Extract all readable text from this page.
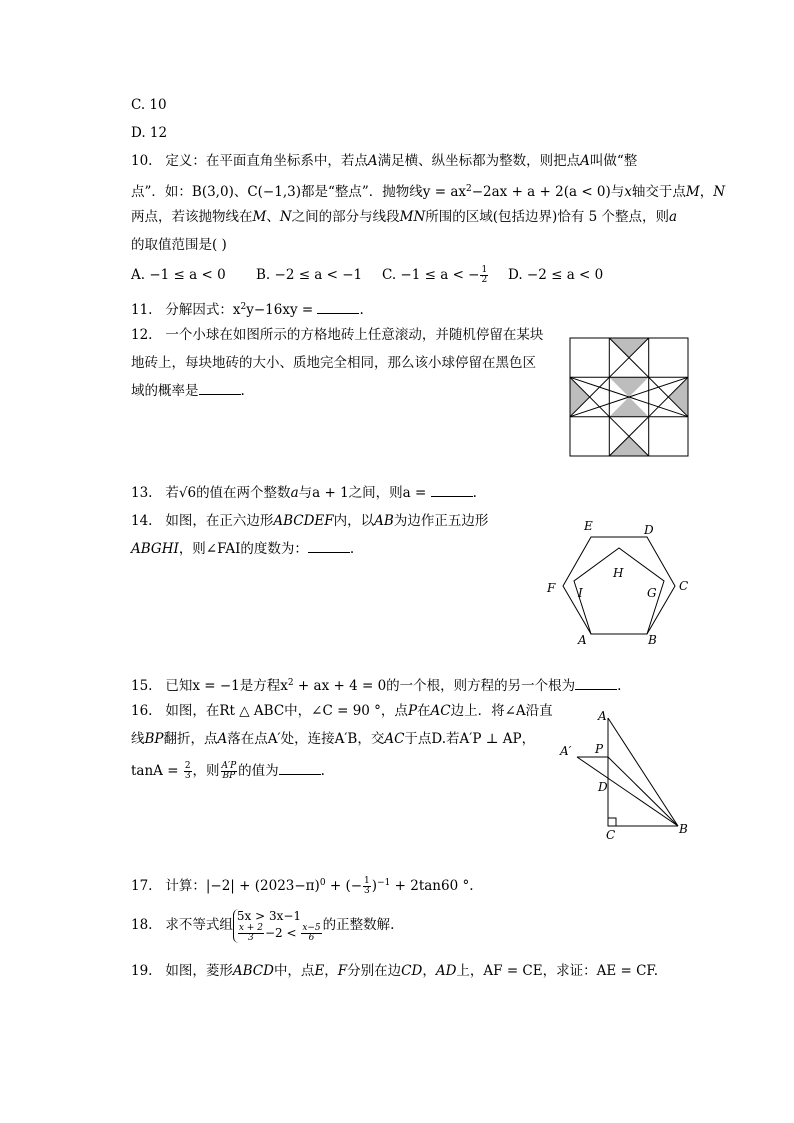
C. 10
D. 12
10. 定义：在平面直角坐标系中，若点A满足横、纵坐标都为整数，则把点A叫做“整
点”．如：B(3,0)、C(−1,3)都是“整点”．抛物线$y = ax^2-2ax + a + 2(a < 0)$与x轴交于点M，N
两点，若该抛物线在M、N之间的部分与线段MN所围的区域(包括边界)恰有 5 个整点，则a
的取值范围是( )
A. −1 ≤ a < 0 B. −2 ≤ a < −1 C. −1 ≤ a < − $\frac{1}{2} D$. −2 ≤ a < 0
11. 分解因式：$x^2y-16xy$ =	.
12. 一个小球在如图所示的方格地砖上任意滚动，并随机停留在某块
地砖上，每块地砖的大小、质地完全相同，那么该小球停留在黑色区
域的概率是	.
13. 若√6的值在两个整数a与a + 1之间，则a =	.
14. 如图，在正六边形ABCDEF内，以AB为边作正五边形
ABGHI，则∠FAI的度数为：	.
E	D
C
B
A
F
H
G
I
15. 已知x = −1是方程$x^2$ + ax + 4 = 0的一个根，则方程的另一个根为	.
16. 如图，在Rt △ ABC中，∠C = 90 °，点P在AC边上．将∠A沿直
线BP翻折，点A落在点A′处，连接A′B，交AC于点D.若A′P ⊥ AP，
$\tan A = \frac{2}{3}$ ，则 $\frac{A'P}{BP}$ 的值为	.
A
A′ P
D
C	B
17. 计算：$|-2| + (2023-\pi)^0$ + (− $\frac{1}{3} )^{-1} + 2\tan 60$ °.
18. 求不等式组
5x > 3x−1
$\frac{x + 2}{3} -2 < \frac{x-5}{6}$ 的正整数解.
19. 如图，菱形ABCD中，点E，F分别在边CD，AD上，AF = CE，求证：AE = CF.
